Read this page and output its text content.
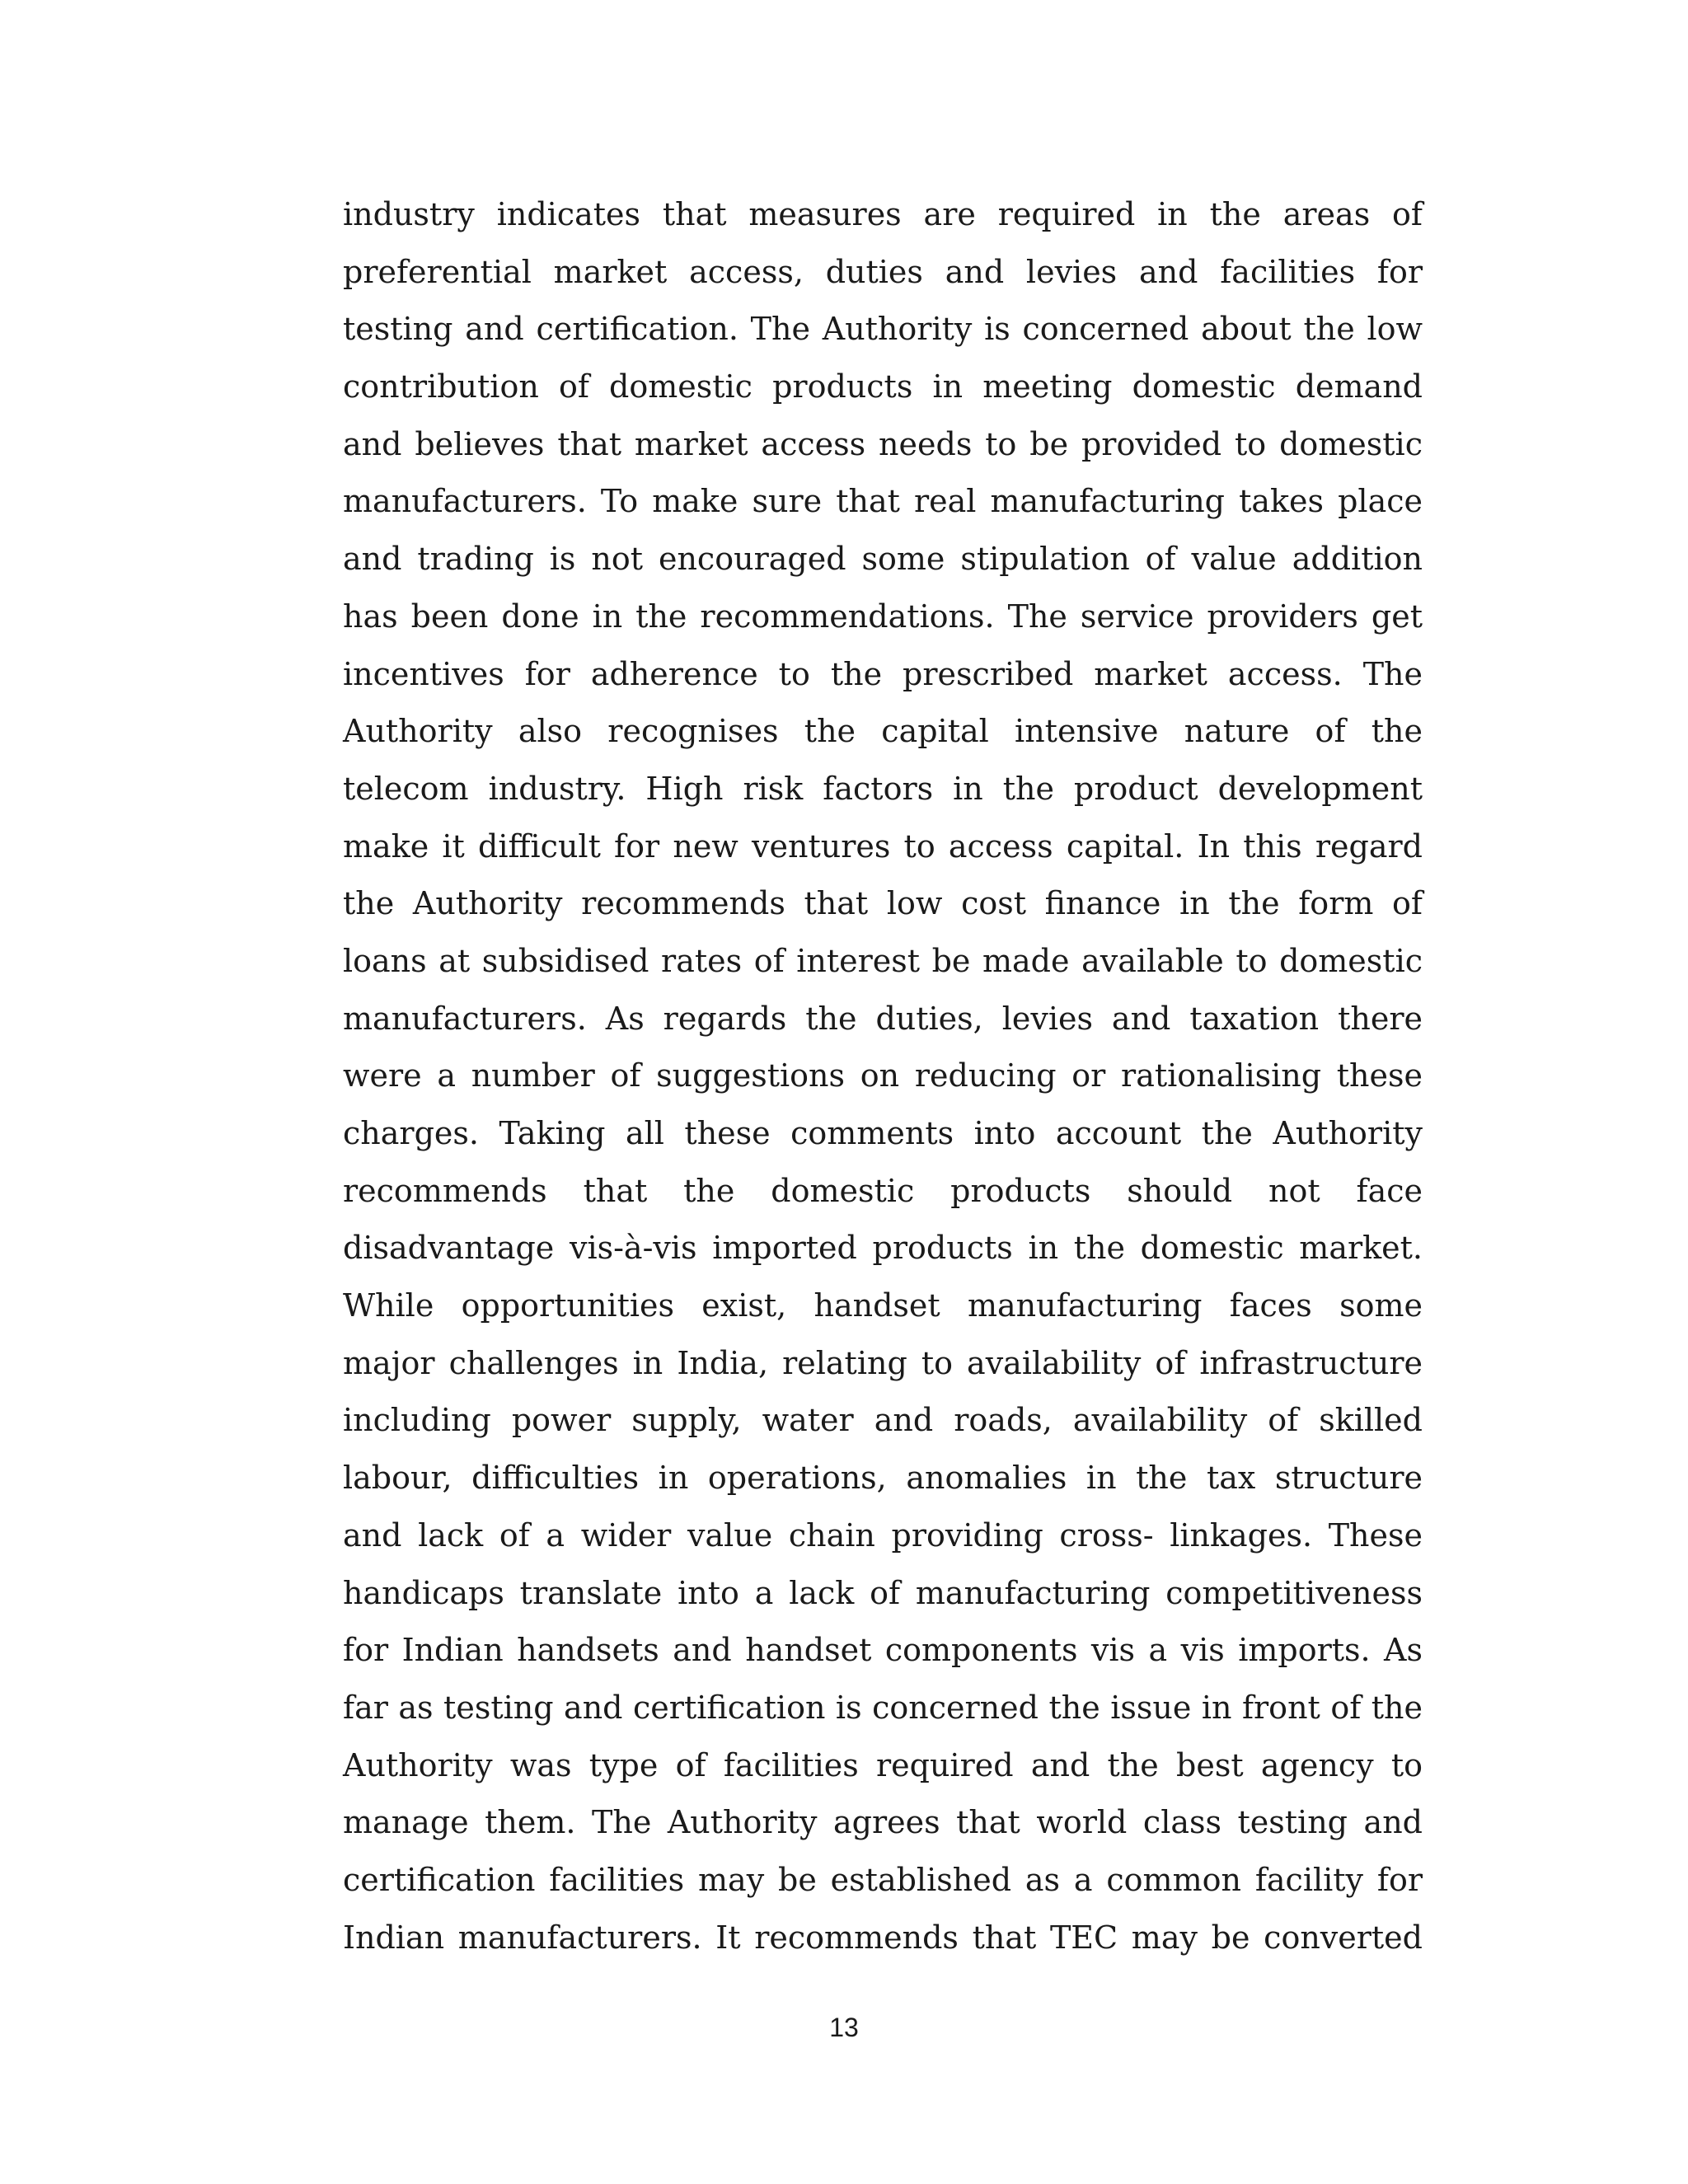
industry indicates that measures are required in the areas of
preferential market access, duties and levies and facilities for
testing and certification. The Authority is concerned about the low
contribution of domestic products in meeting domestic demand
and believes that market access needs to be provided to domestic
manufacturers. To make sure that real manufacturing takes place
and trading is not encouraged some stipulation of value addition
has been done in the recommendations. The service providers get
incentives for adherence to the prescribed market access. The
Authority also recognises the capital intensive nature of the
telecom industry. High risk factors in the product development
make it difficult for new ventures to access capital. In this regard
the Authority recommends that low cost finance in the form of
loans at subsidised rates of interest be made available to domestic
manufacturers. As regards the duties, levies and taxation there
were a number of suggestions on reducing or rationalising these
charges. Taking all these comments into account the Authority
recommends that the domestic products should not face
disadvantage vis-à-vis imported products in the domestic market.
While opportunities exist, handset manufacturing faces some
major challenges in India, relating to availability of infrastructure
including power supply, water and roads, availability of skilled
labour, difficulties in operations, anomalies in the tax structure
and lack of a wider value chain providing cross- linkages. These
handicaps translate into a lack of manufacturing competitiveness
for Indian handsets and handset components vis a vis imports. As
far as testing and certification is concerned the issue in front of the
Authority was type of facilities required and the best agency to
manage them. The Authority agrees that world class testing and
certification facilities may be established as a common facility for
Indian manufacturers. It recommends that TEC may be converted
13
